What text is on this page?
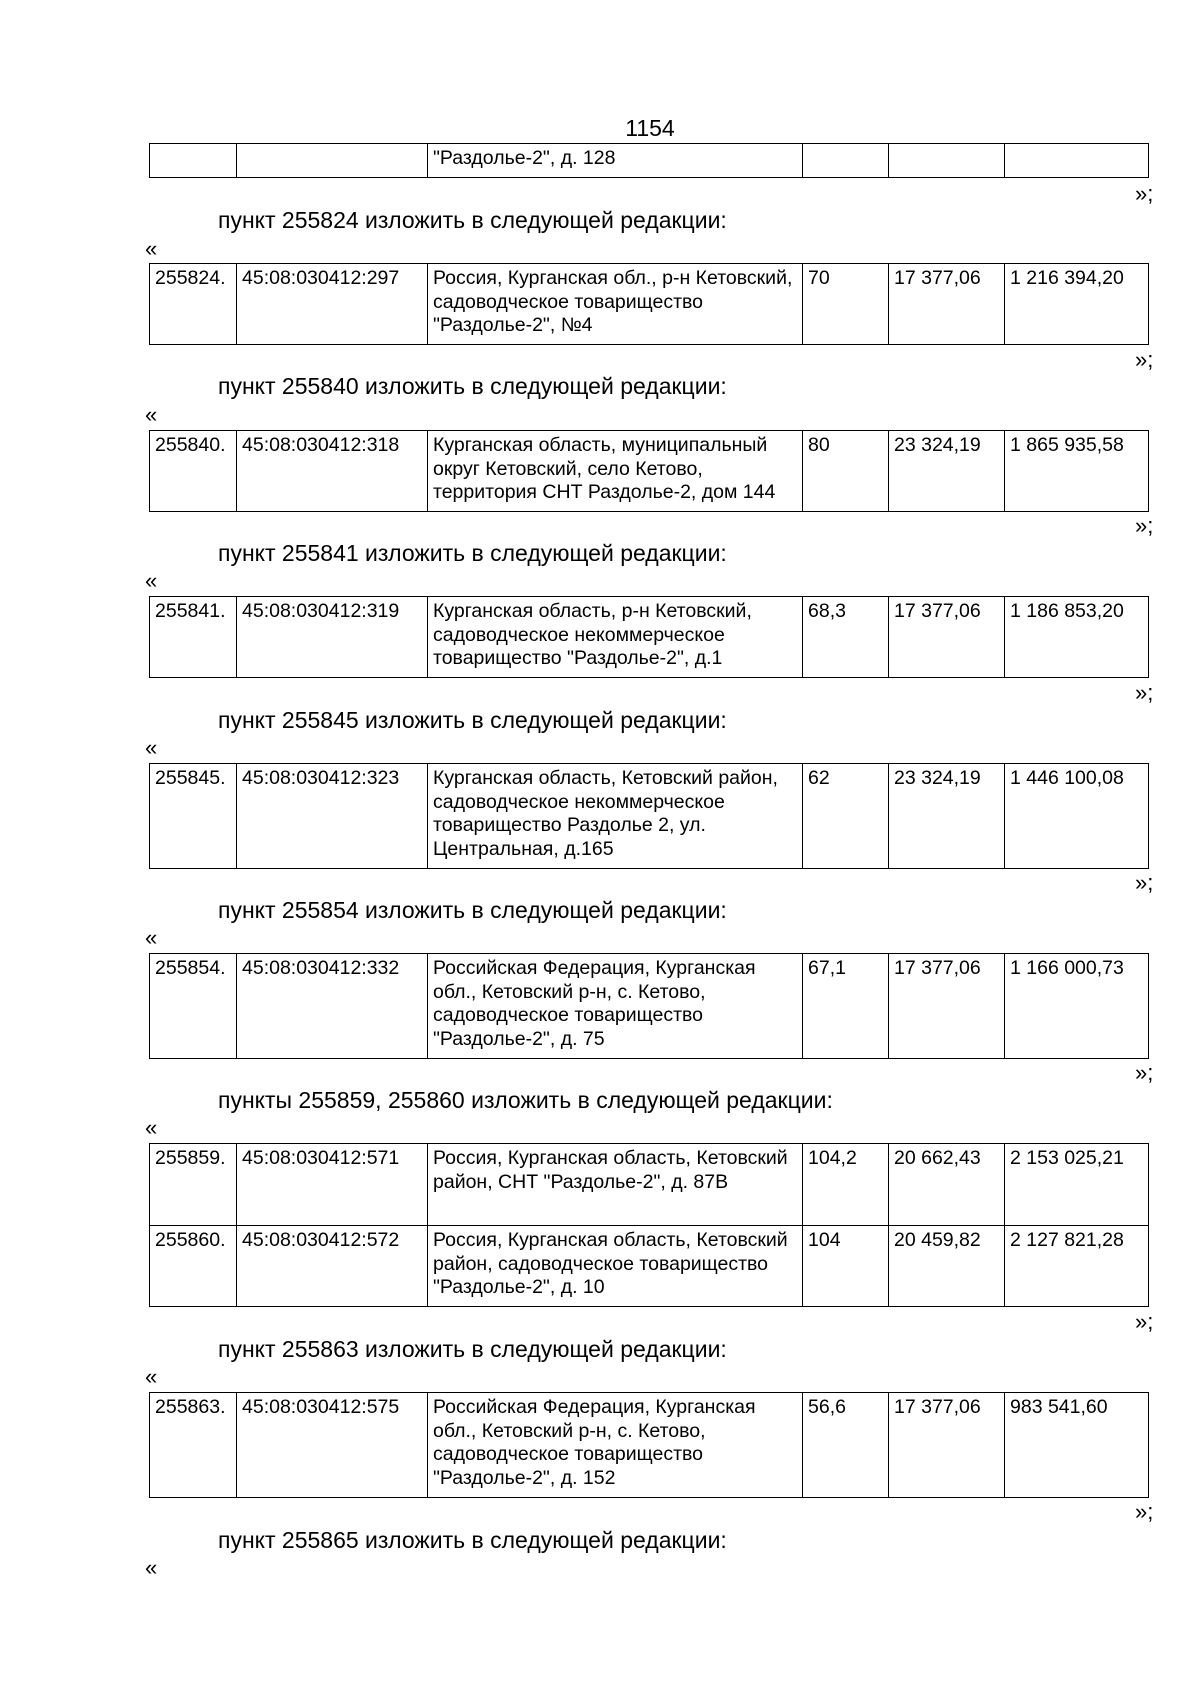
1154
		"Раздолье-2", д. 128			
»;
пункт 255824 изложить в следующей редакции:
«
255824.	45:08:030412:297	Россия, Курганская обл., р-н Кетовский, садоводческое товарищество "Раздолье-2", №4	70	17 377,06	1 216 394,20
»;
пункт 255840 изложить в следующей редакции:
«
255840.	45:08:030412:318	Курганская область, муниципальный округ Кетовский, село Кетово, территория СНТ Раздолье-2, дом 144	80	23 324,19	1 865 935,58
»;
пункт 255841 изложить в следующей редакции:
«
255841.	45:08:030412:319	Курганская область, р-н Кетовский, садоводческое некоммерческое товарищество "Раздолье-2", д.1	68,3	17 377,06	1 186 853,20
»;
пункт 255845 изложить в следующей редакции:
«
255845.	45:08:030412:323	Курганская область, Кетовский район, садоводческое некоммерческое товарищество Раздолье 2, ул. Центральная, д.165	62	23 324,19	1 446 100,08
»;
пункт 255854 изложить в следующей редакции:
«
255854.	45:08:030412:332	Российская Федерация, Курганская обл., Кетовский р-н, с. Кетово, садоводческое товарищество "Раздолье-2", д. 75	67,1	17 377,06	1 166 000,73
»;
пункты 255859, 255860 изложить в следующей редакции:
«
255859.	45:08:030412:571	Россия, Курганская область, Кетовский район, СНТ "Раздолье-2", д. 87В	104,2	20 662,43	2 153 025,21
255860.	45:08:030412:572	Россия, Курганская область, Кетовский район, садоводческое товарищество "Раздолье-2", д. 10	104	20 459,82	2 127 821,28
»;
пункт 255863 изложить в следующей редакции:
«
255863.	45:08:030412:575	Российская Федерация, Курганская обл., Кетовский р-н, с. Кетово, садоводческое товарищество "Раздолье-2", д. 152	56,6	17 377,06	983 541,60
»;
пункт 255865 изложить в следующей редакции:
«
